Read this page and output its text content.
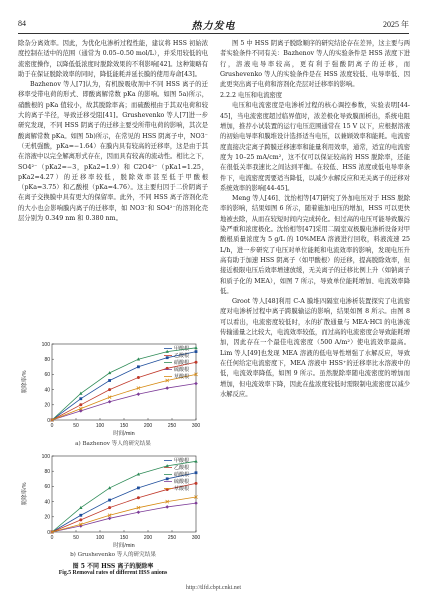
84	热力发电	2025 年

除杂分离效率。因此，为优化电渗析过程性能，建议将 HSS 初始浓度控制在适中的范围（通常为 0.05–0.50 mol/L），并采用较低的电流密度操作，以降低低浓度时脱除效果的不利影响[42]。这种策略有助于在保证脱除效率的同时，降低能耗并延长膜的使用寿命[43]。

Bazhenov 等人[7]认为，有机胺吸收剂中不同 HSS 离子的迁移率受带电荷的形式、即酸离解常数 pKa 的影响。如图 5a)所示，硝酸根的 pKa 值较小，故其脱除率高；而硫酸根由于其双电荷和较大的离子半径，导致迁移受阻[41]。Grushevenko 等人[7]进一步研究发现，不同 HSS 阴离子的迁移主要受所带电荷的影响，其次是酸离解常数 pKa。如图 5b)所示，在常见的 HSS 阴离子中，NO3⁻（无机强酸，pKa=−1.64）在膜内具有较高的迁移率，这是由于其在溶液中以完全解离形式存在，因而具有较高的流动性。相比之下，SO4²⁻（pKa2=−3，pKa2=1.9）和 C2O4²⁻（pKa1=1.25，pKa2=4.27）的迁移率较低，脱除效率甚至低于甲酸根（pKa=3.75）和乙酸根（pKa=4.76）。这主要归因于二价阴离子在离子交换膜中具有更大的保留率。此外，不同 HSS 离子溶剂化壳的大小也会影响膜内离子的迁移率，如 NO3⁻和 SO4²⁻的溶剂化壳层分别为 0.349 nm 和 0.380 nm。

0
20
40
60
80
100
0	50	100	150	200	250	300
时间/min
脱除率/%
甲酸根
乙酸根
硝酸根
硫酸根
草酸根
a) Bazhenov 等人的研究结果
0
20
40
60
80
100
0	50	100	150	200	250	300
时间/min
脱除率/%
甲酸根
乙酸根
硝酸根
硫酸根
草酸根
b) Grushevenko 等人的研究结果
图 5 不同 HSS 离子的脱除率
Fig.5 Removal rates of different HSS anions

图 5 中 HSS 阴离子脱除顺序的研究结论存在差异，这主要与两者实验条件不同有关：Bazhenov 等人的实验条件是 HSS 浓度下进行，溶液电导率较高，更有利于强酸阴离子的迁移，而 Grushevenko 等人的实验条件是在 HSS 浓度较低、电导率低、因此更突出离子电荷和溶剂化壳层对迁移率的影响。

2.2.2 电压和电流密度

电压和电流密度是电渗析过程的核心调控参数，实验表明[44-45]，当电流密度超过临界值时，浓差极化导致膜面析出，系统电阻增加，推荐小试装置的运行电压范围通常在 15 V 以下，应根据溶液的初始电导率和膜堆设计选择适当电压，以兼顾效率和能耗。电流密度直接决定离子跨膜迁移速率和能量利用效率，通常，适宜的电流密度为 10–25 mA/cm²，这不仅可以保证较高的 HSS 脱除率，还能在很低关率我速比之间达到平衡。在较低、HSS 浓度或低电导率条件下，电流密度需要适当降低，以减少水解反应和无关离子的迁移对系统效率的影响[44-45]。

Meng 等人[46]、沈怡相等[47]研究了外加电压对于 HSS 脱除率的影响，结果如图 6 所示，随着施加电压的增加，HSS 可以更快地被去除，从而在较短时间内完成转化。但过高的电压可能导致膜污染严重和浓度极化。沈怡相等[47]采用二隔室双极膜电渗析设备对甲酸根质量浓度为 5 g/L 的 10%MEA 溶液进行回收，料液流速 25 L/h，进一步研究了电压对单位能耗和电流效率的影响，发现电压升高有助于加速 HSS 阴离子（如甲酸根）的迁移，提高脱除效率，但接近极限电压后效率增速放缓，无关离子的迁移比例上升（如钠离子和质子化的 MEA），如图 7 所示，导致单位能耗增加、电流效率降低。

Groot 等人[48]利用 C-A 膜堆四隔室电渗析装置探究了电流密度对电渗析过程中离子跨膜输运的影响，结果如图 8 所示。由图 8 可以看出，电流密度较低时，水的扩散通量与 MEA·HCl 的电渗流传输通量之比较大，电流效率较低，而过高的电流密度会导致能耗增加，因此存在一个最佳电流密度（500 A/m²）使电流效率最高。Lim 等人[49]也发现 MEA 溶液的低电导性增强了水解反应，导致在任何给定电流密度下，MEA 溶液中 HSS⁺的迁移率比水溶液中的低，电流效率降低，如图 9 所示。虽然脱除率随电流密度的增加而增加，但电流效率下降，因此在盐浓度较低时需限制电流密度以减少水解反应。

http://tlfd.cbpt.cnki.net
